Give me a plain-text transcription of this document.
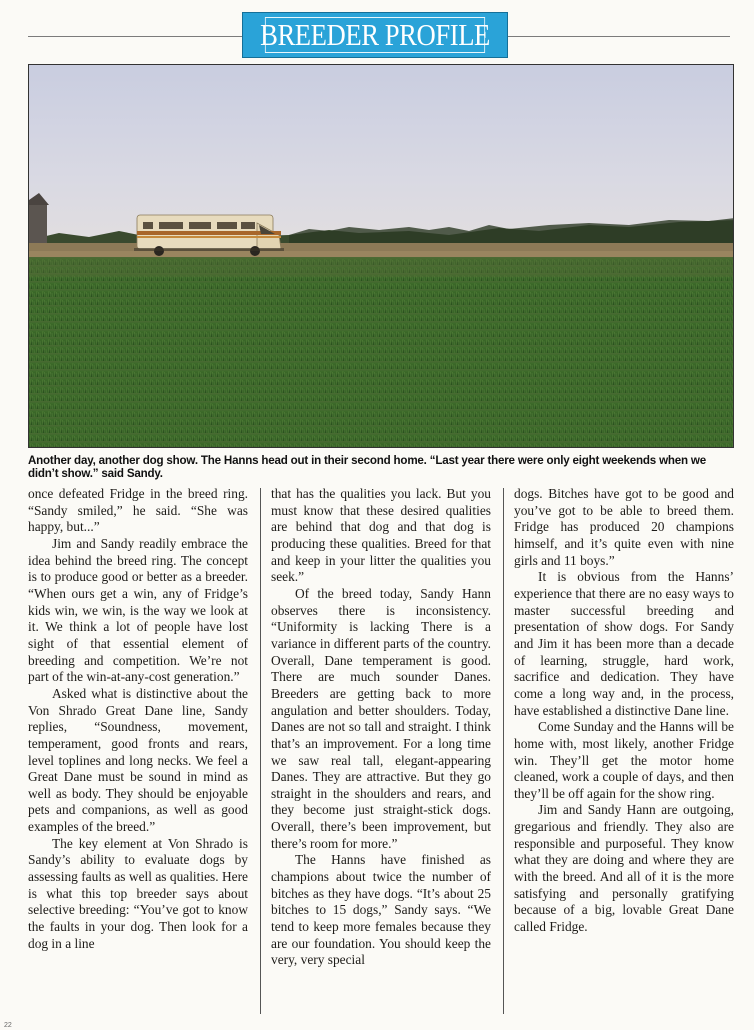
BREEDER PROFILE
Another day, another dog show. The Hanns head out in their second home. “Last year there were only eight weekends when we didn’t show.” said Sandy.

once defeated Fridge in the breed ring. “Sandy smiled,” he said. “She was happy, but...”

Jim and Sandy readily embrace the idea behind the breed ring. The concept is to produce good or better as a breeder. “When ours get a win, any of Fridge’s kids win, we win, is the way we look at it. We think a lot of people have lost sight of that essential element of breeding and competition. We’re not part of the win-at-any-cost generation.”

Asked what is distinctive about the Von Shrado Great Dane line, Sandy replies, “Soundness, movement, temperament, good fronts and rears, level toplines and long necks. We feel a Great Dane must be sound in mind as well as body. They should be enjoyable pets and companions, as well as good examples of the breed.”

The key element at Von Shrado is Sandy’s ability to evaluate dogs by assessing faults as well as qualities. Here is what this top breeder says about selective breeding: “You’ve got to know the faults in your dog. Then look for a dog in a line

that has the qualities you lack. But you must know that these desired qualities are behind that dog and that dog is producing these qualities. Breed for that and keep in your litter the qualities you seek.”

Of the breed today, Sandy Hann observes there is inconsistency. “Uniformity is lacking There is a variance in different parts of the country. Overall, Dane temperament is good. There are much sounder Danes. Breeders are getting back to more angulation and better shoulders. Today, Danes are not so tall and straight. I think that’s an improvement. For a long time we saw real tall, elegant-appearing Danes. They are attractive. But they go straight in the shoulders and rears, and they become just straight-stick dogs. Overall, there’s been improvement, but there’s room for more.”

The Hanns have finished as champions about twice the number of bitches as they have dogs. “It’s about 25 bitches to 15 dogs,” Sandy says. “We tend to keep more females because they are our foundation. You should keep the very, very special

dogs. Bitches have got to be good and you’ve got to be able to breed them. Fridge has produced 20 champions himself, and it’s quite even with nine girls and 11 boys.”

It is obvious from the Hanns’ experience that there are no easy ways to master successful breeding and presentation of show dogs. For Sandy and Jim it has been more than a decade of learning, struggle, hard work, sacrifice and dedication. They have come a long way and, in the process, have established a distinctive Dane line.

Come Sunday and the Hanns will be home with, most likely, another Fridge win. They’ll get the motor home cleaned, work a couple of days, and then they’ll be off again for the show ring.

Jim and Sandy Hann are outgoing, gregarious and friendly. They also are responsible and purposeful. They know what they are doing and where they are with the breed. And all of it is the more satisfying and personally gratifying because of a big, lovable Great Dane called Fridge.

22
